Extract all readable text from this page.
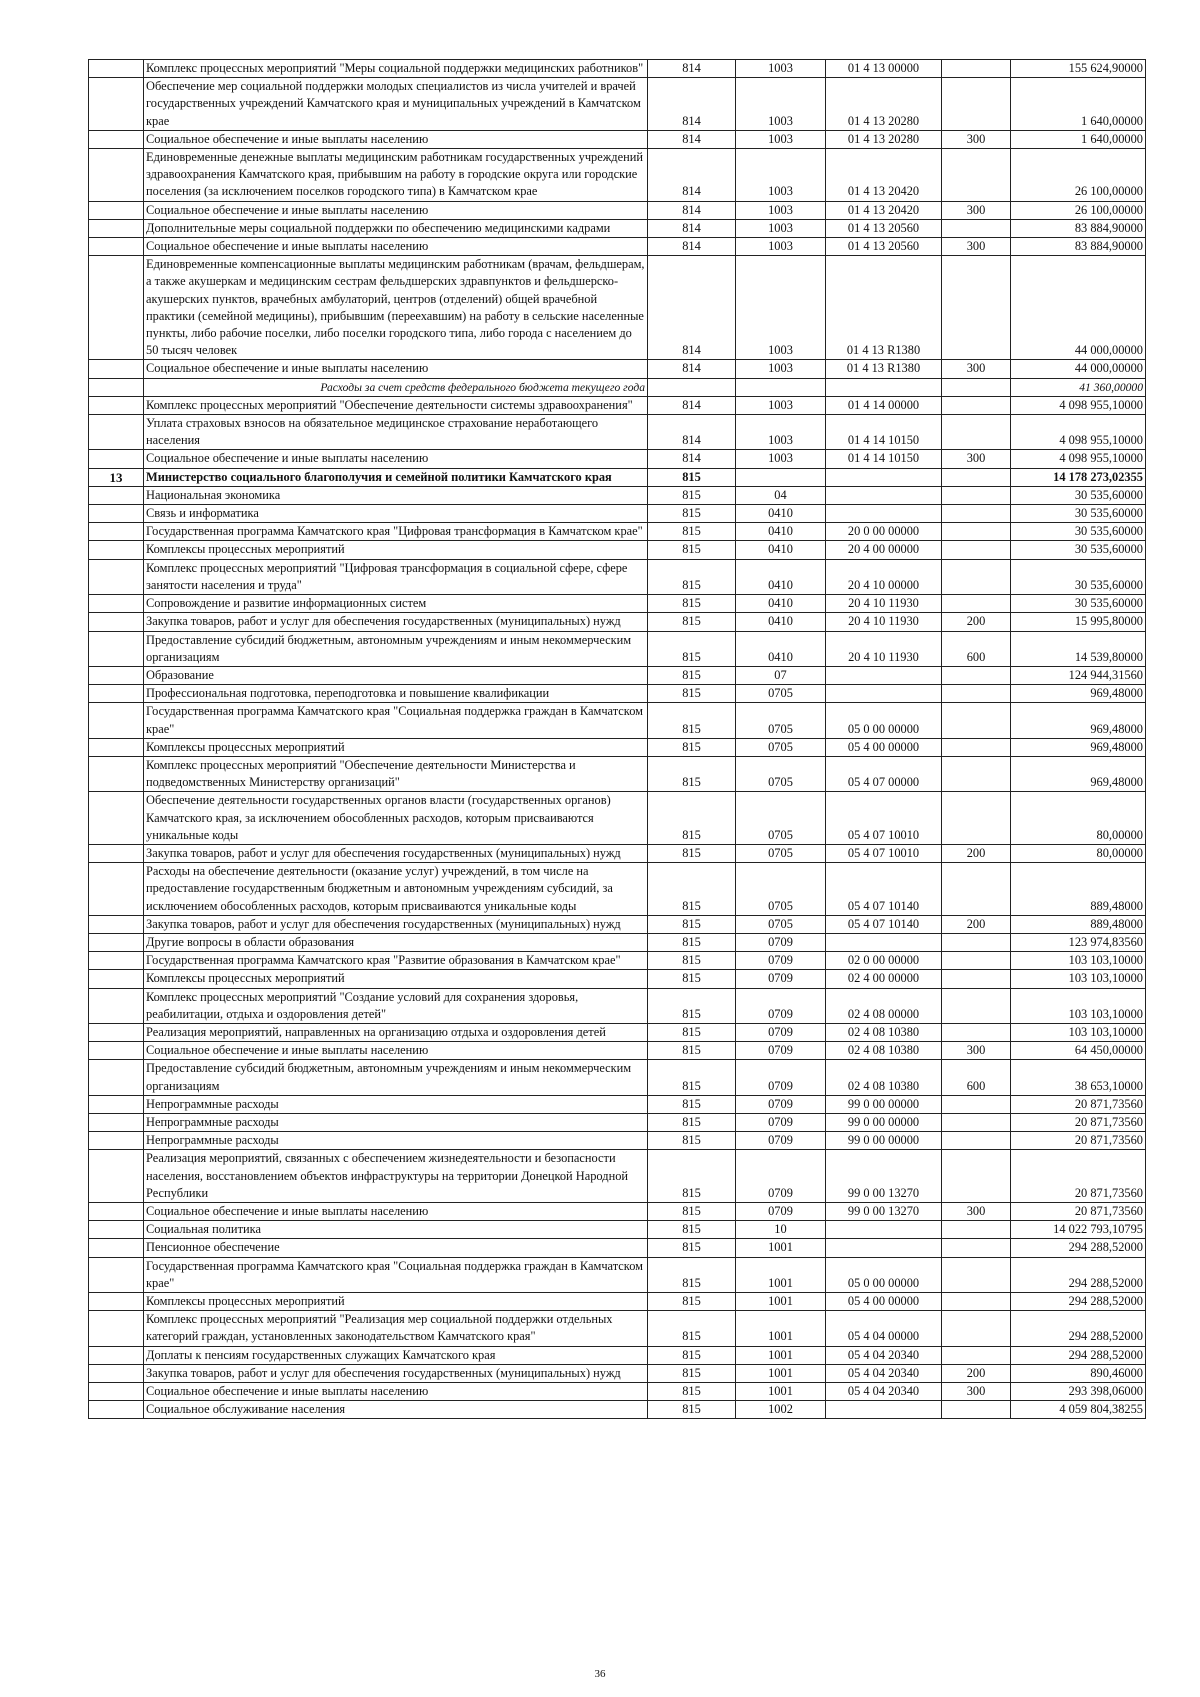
	Комплекс процессных мероприятий "Меры социальной поддержки медицинских работников"	814	1003	01 4 13 00000		155 624,90000
	Обеспечение мер социальной поддержки молодых специалистов из числа учителей и врачей государственных учреждений Камчатского края и муниципальных учреждений в Камчатском крае	814	1003	01 4 13 20280		1 640,00000
	Социальное обеспечение и иные выплаты населению	814	1003	01 4 13 20280	300	1 640,00000
	Единовременные денежные выплаты медицинским работникам государственных учреждений здравоохранения Камчатского края, прибывшим на работу в городские округа или городские поселения (за исключением поселков городского типа) в Камчатском крае	814	1003	01 4 13 20420		26 100,00000
	Социальное обеспечение и иные выплаты населению	814	1003	01 4 13 20420	300	26 100,00000
	Дополнительные меры социальной поддержки по обеспечению медицинскими кадрами	814	1003	01 4 13 20560		83 884,90000
	Социальное обеспечение и иные выплаты населению	814	1003	01 4 13 20560	300	83 884,90000
	Единовременные компенсационные выплаты медицинским работникам (врачам, фельдшерам, а также акушеркам и медицинским сестрам фельдшерских здравпунктов и фельдшерско-акушерских пунктов, врачебных амбулаторий, центров (отделений) общей врачебной практики (семейной медицины), прибывшим (переехавшим) на работу в сельские населенные пункты, либо рабочие поселки, либо поселки городского типа, либо города с населением до 50 тысяч человек	814	1003	01 4 13 R1380		44 000,00000
	Социальное обеспечение и иные выплаты населению	814	1003	01 4 13 R1380	300	44 000,00000
	Расходы за счет средств федерального бюджета текущего года					41 360,00000
	Комплекс процессных мероприятий "Обеспечение деятельности системы здравоохранения"	814	1003	01 4 14 00000		4 098 955,10000
	Уплата страховых взносов на обязательное медицинское страхование неработающего населения	814	1003	01 4 14 10150		4 098 955,10000
	Социальное обеспечение и иные выплаты населению	814	1003	01 4 14 10150	300	4 098 955,10000
13	Министерство социального благополучия и семейной политики Камчатского края	815				14 178 273,02355
	Национальная экономика	815	04			30 535,60000
	Связь и информатика	815	0410			30 535,60000
	Государственная программа Камчатского края "Цифровая трансформация в Камчатском крае"	815	0410	20 0 00 00000		30 535,60000
	Комплексы процессных мероприятий	815	0410	20 4 00 00000		30 535,60000
	Комплекс процессных мероприятий "Цифровая трансформация в социальной сфере, сфере занятости населения и труда"	815	0410	20 4 10 00000		30 535,60000
	Сопровождение и развитие информационных систем	815	0410	20 4 10 11930		30 535,60000
	Закупка товаров, работ и услуг для обеспечения государственных (муниципальных) нужд	815	0410	20 4 10 11930	200	15 995,80000
	Предоставление субсидий бюджетным, автономным учреждениям и иным некоммерческим организациям	815	0410	20 4 10 11930	600	14 539,80000
	Образование	815	07			124 944,31560
	Профессиональная подготовка, переподготовка и повышение квалификации	815	0705			969,48000
	Государственная программа Камчатского края "Социальная поддержка граждан в Камчатском крае"	815	0705	05 0 00 00000		969,48000
	Комплексы процессных мероприятий	815	0705	05 4 00 00000		969,48000
	Комплекс процессных мероприятий "Обеспечение деятельности Министерства и подведомственных Министерству организаций"	815	0705	05 4 07 00000		969,48000
	Обеспечение деятельности государственных органов власти (государственных органов) Камчатского края, за исключением обособленных расходов, которым присваиваются уникальные коды	815	0705	05 4 07 10010		80,00000
	Закупка товаров, работ и услуг для обеспечения государственных (муниципальных) нужд	815	0705	05 4 07 10010	200	80,00000
	Расходы на обеспечение деятельности (оказание услуг) учреждений, в том числе на предоставление государственным бюджетным и автономным учреждениям субсидий, за исключением обособленных расходов, которым присваиваются уникальные коды	815	0705	05 4 07 10140		889,48000
	Закупка товаров, работ и услуг для обеспечения государственных (муниципальных) нужд	815	0705	05 4 07 10140	200	889,48000
	Другие вопросы в области образования	815	0709			123 974,83560
	Государственная программа Камчатского края "Развитие образования в Камчатском крае"	815	0709	02 0 00 00000		103 103,10000
	Комплексы процессных мероприятий	815	0709	02 4 00 00000		103 103,10000
	Комплекс процессных мероприятий "Создание условий для сохранения здоровья, реабилитации, отдыха и оздоровления детей"	815	0709	02 4 08 00000		103 103,10000
	Реализация мероприятий, направленных на организацию отдыха и оздоровления детей	815	0709	02 4 08 10380		103 103,10000
	Социальное обеспечение и иные выплаты населению	815	0709	02 4 08 10380	300	64 450,00000
	Предоставление субсидий бюджетным, автономным учреждениям и иным некоммерческим организациям	815	0709	02 4 08 10380	600	38 653,10000
	Непрограммные расходы	815	0709	99 0 00 00000		20 871,73560
	Непрограммные расходы	815	0709	99 0 00 00000		20 871,73560
	Непрограммные расходы	815	0709	99 0 00 00000		20 871,73560
	Реализация мероприятий, связанных с обеспечением жизнедеятельности и безопасности населения, восстановлением объектов инфраструктуры на территории Донецкой Народной Республики	815	0709	99 0 00 13270		20 871,73560
	Социальное обеспечение и иные выплаты населению	815	0709	99 0 00 13270	300	20 871,73560
	Социальная политика	815	10			14 022 793,10795
	Пенсионное обеспечение	815	1001			294 288,52000
	Государственная программа Камчатского края "Социальная поддержка граждан в Камчатском крае"	815	1001	05 0 00 00000		294 288,52000
	Комплексы процессных мероприятий	815	1001	05 4 00 00000		294 288,52000
	Комплекс процессных мероприятий "Реализация мер социальной поддержки отдельных категорий граждан, установленных законодательством Камчатского края"	815	1001	05 4 04 00000		294 288,52000
	Доплаты к пенсиям государственных служащих Камчатского края	815	1001	05 4 04 20340		294 288,52000
	Закупка товаров, работ и услуг для обеспечения государственных (муниципальных) нужд	815	1001	05 4 04 20340	200	890,46000
	Социальное обеспечение и иные выплаты населению	815	1001	05 4 04 20340	300	293 398,06000
	Социальное обслуживание населения	815	1002			4 059 804,38255
36
